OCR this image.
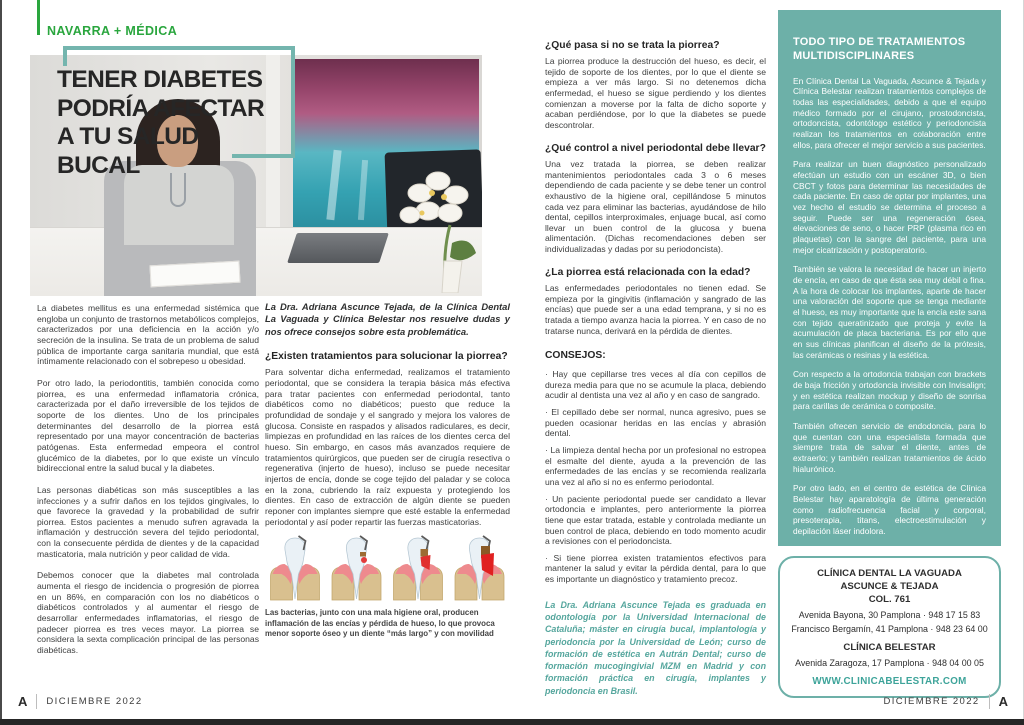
NAVARRA + MÉDICA
TENER DIABETES PODRÍA AFECTAR A TU SALUD BUCAL

La diabetes mellitus es una enfermedad sistémica que engloba un conjunto de trastornos metabólicos complejos, caracterizados por una deficiencia en la acción y/o secreción de la insulina. Se trata de un problema de salud pública de importante carga sanitaria mundial, que está íntimamente relacionado con el sobrepeso u obesidad.

Por otro lado, la periodontitis, también conocida como piorrea, es una enfermedad inflamatoria crónica, caracterizada por el daño irreversible de los tejidos de soporte de los dientes. Uno de los principales determinantes del desarrollo de la piorrea está representado por una mayor concentración de bacterias patógenas. Esta enfermedad empeora el control glucémico de la diabetes, por lo que existe un vínculo bidireccional entre la salud bucal y la diabetes.

Las personas diabéticas son más susceptibles a las infecciones y a sufrir daños en los tejidos gingivales, lo que favorece la gravedad y la probabilidad de sufrir piorrea. Estos pacientes a menudo sufren agravada la inflamación y destrucción severa del tejido periodontal, con la consecuente pérdida de dientes y de la capacidad masticatoria, mala nutrición y peor calidad de vida.

Debemos conocer que la diabetes mal controlada aumenta el riesgo de incidencia o progresión de piorrea en un 86%, en comparación con los no diabéticos o diabéticos controlados y al aumentar el riesgo de desarrollar enfermedades inflamatorias, el riesgo de padecer piorrea es tres veces mayor. La piorrea se considera la sexta complicación principal de las personas diabéticas.

La Dra. Adriana Ascunce Tejada, de la Clínica Dental La Vaguada y Clínica Belestar nos resuelve dudas y nos ofrece consejos sobre esta problemática.

¿Existen tratamientos para solucionar la piorrea?

Para solventar dicha enfermedad, realizamos el tratamiento periodontal, que se considera la terapia básica más efectiva para tratar pacientes con enfermedad periodontal, tanto diabéticos como no diabéticos; puesto que reduce la profundidad de sondaje y el sangrado y mejora los valores de glucosa. Consiste en raspados y alisados radiculares, es decir, limpiezas en profundidad en las raíces de los dientes cerca del hueso. Sin embargo, en casos más avanzados requiere de tratamientos quirúrgicos, que pueden ser de cirugía resectiva o regenerativa (injerto de hueso), incluso se puede necesitar injertos de encía, donde se coge tejido del paladar y se coloca en la zona, cubriendo la raíz expuesta y protegiendo los dientes. En caso de extracción de algún diente se pueden reponer con implantes siempre que esté estable la enfermedad periodontal y así poder repartir las fuerzas masticatorias.

Las bacterias, junto con una mala higiene oral, producen inflamación de las encías y pérdida de hueso, lo que provoca menor soporte óseo y un diente “más largo” y con movilidad

¿Qué pasa si no se trata la piorrea?

La piorrea produce la destrucción del hueso, es decir, el tejido de soporte de los dientes, por lo que el diente se empieza a ver más largo. Si no detenemos dicha enfermedad, el hueso se sigue perdiendo y los dientes comienzan a moverse por la falta de dicho soporte y acaban perdiéndose, por lo que la diabetes se puede descontrolar.

¿Qué control a nivel periodontal debe llevar?

Una vez tratada la piorrea, se deben realizar mantenimientos periodontales cada 3 o 6 meses dependiendo de cada paciente y se debe tener un control exhaustivo de la higiene oral, cepillándose 5 minutos cada vez para eliminar las bacterias, ayudándose de hilo dental, cepillos interproximales, enjuage bucal, así como llevar un buen control de la glucosa y buena alimentación. (Dichas recomendaciones deben ser individualizadas y dadas por su periodoncista).

¿La piorrea está relacionada con la edad?

Las enfermedades periodontales no tienen edad. Se empieza por la gingivitis (inflamación y sangrado de las encías) que puede ser a una edad temprana, y si no es tratada a tiempo avanza hacia la piorrea. Y en caso de no tratarse nunca, derivará en la pérdida de dientes.

CONSEJOS:

· Hay que cepillarse tres veces al día con cepillos de dureza media para que no se acumule la placa, debiendo acudir al dentista una vez al año y en caso de sangrado.

· El cepillado debe ser normal, nunca agresivo, pues se pueden ocasionar heridas en las encías y abrasión dental.

· La limpieza dental hecha por un profesional no estropea el esmalte del diente, ayuda a la prevención de las enfermedades de las encías y se recomienda realizarla una vez al año si no es enfermo periodontal.

· Un paciente periodontal puede ser candidato a llevar ortodoncia e implantes, pero anteriormente la piorrea tiene que estar tratada, estable y controlada mediante un buen control de placa, debiendo en todo momento acudir a revisiones con el periodoncista.

· Si tiene piorrea existen tratamientos efectivos para mantener la salud y evitar la pérdida dental, para lo que es importante un diagnóstico y tratamiento precoz.

La Dra. Adriana Ascunce Tejada es graduada en odontología por la Universidad Internacional de Cataluña; máster en cirugía bucal, implantología y periodoncia por la Universidad de León; curso de formación de estética en Autrán Dental; curso de formación mucogingivial MZM en Madrid y con formación práctica en cirugía, implantes y periodoncia en Brasil.

TODO TIPO DE TRATAMIENTOS MULTIDISCIPLINARES

En Clínica Dental La Vaguada, Ascunce & Tejada y Clínica Belestar realizan tratamientos complejos de todas las especialidades, debido a que el equipo médico formado por el cirujano, prostodoncista, ortodoncista, odontólogo estético y periodoncista realizan los tratamientos en colaboración entre ellos, para ofrecer el mejor servicio a sus pacientes.

Para realizar un buen diagnóstico personalizado efectúan un estudio con un escáner 3D, o bien CBCT y fotos para determinar las necesidades de cada paciente. En caso de optar por implantes, una vez hecho el estudio se determina el proceso a seguir. Puede ser una regeneración ósea, elevaciones de seno, o hacer PRP (plasma rico en plaquetas) con la sangre del paciente, para una mejor cicatrización y postoperatorio.

También se valora la necesidad de hacer un injerto de encía, en caso de que ésta sea muy débil o fina. A la hora de colocar los implantes, aparte de hacer una valoración del soporte que se tenga mediante el hueso, es muy importante que la encía este sana con tejido queratinizado que proteja y evite la acumulación de placa bacteriana. Es por ello que en sus clínicas planifican el diseño de la prótesis, las cerámicas o resinas y la estética.

Con respecto a la ortodoncia trabajan con brackets de baja fricción y ortodoncia invisible con Invisalign; y en estética realizan mockup y diseño de sonrisa para carillas de cerámica o composite.

También ofrecen servicio de endodoncia, para lo que cuentan con una especialista formada que siempre trata de salvar el diente, antes de extraerlo; y también realizan tratamientos de ácido hialurónico.

Por otro lado, en el centro de estética de Clínica Belestar hay aparatología de última generación como radiofrecuencia facial y corporal, presoterapia, titans, electroestimulación y depilación láser indolora.

CLÍNICA DENTAL LA VAGUADA
ASCUNCE & TEJADA
COL. 761
Avenida Bayona, 30 Pamplona · 948 17 15 83
Francisco Bergamín, 41 Pamplona · 948 23 64 00
CLÍNICA BELESTAR
Avenida Zaragoza, 17 Pamplona · 948 04 00 05
WWW.CLINICABELESTAR.COM
A DICIEMBRE 2022	DICIEMBRE 2022 A
